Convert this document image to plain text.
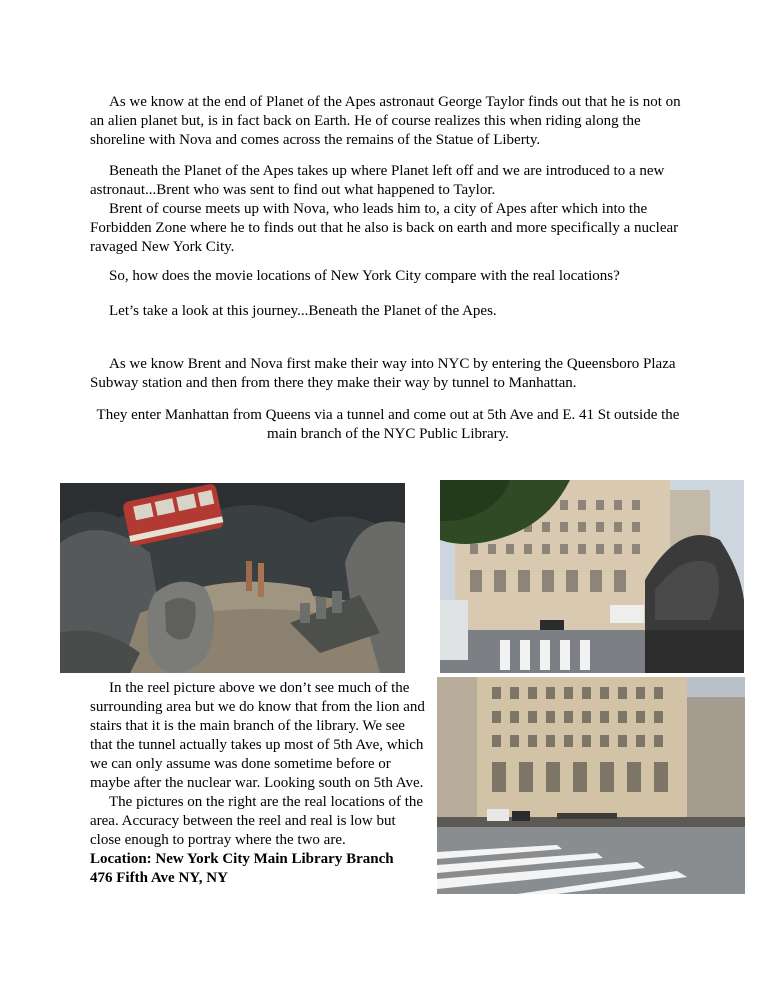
As we know at the end of Planet of the Apes astronaut George Taylor finds out that he is not on an alien planet but, is in fact back on Earth. He of course realizes this when riding along the shoreline with Nova and comes across the remains of the Statue of Liberty.

Beneath the Planet of the Apes takes up where Planet left off and we are introduced to a new astronaut...Brent who was sent to find out what happened to Taylor.

Brent of course meets up with Nova, who leads him to, a city of Apes after which into the Forbidden Zone where he to finds out that he also is back on earth and more specifically a nuclear ravaged New York City.

So, how does the movie locations of New York City compare with the real locations?

Let’s take a look at this journey...Beneath the Planet of the Apes.

As we know Brent and Nova first make their way into NYC by entering the Queensboro Plaza Subway station and then from there they make their way by tunnel to Manhattan.

They enter Manhattan from Queens via a tunnel and come out at 5th Ave and E. 41 St outside the main branch of the NYC Public Library.

In the reel picture above we don’t see much of the surrounding area but we do know that from the lion and stairs that it is the main branch of the library. We see that the tunnel actually takes up most of 5th Ave, which we can only assume was done sometime before or maybe after the nuclear war. Looking south on 5th Ave.

The pictures on the right are the real locations of the area. Accuracy between the reel and real is low but close enough to portray where the two are.

Location: New York City Main Library Branch

476 Fifth Ave NY, NY
